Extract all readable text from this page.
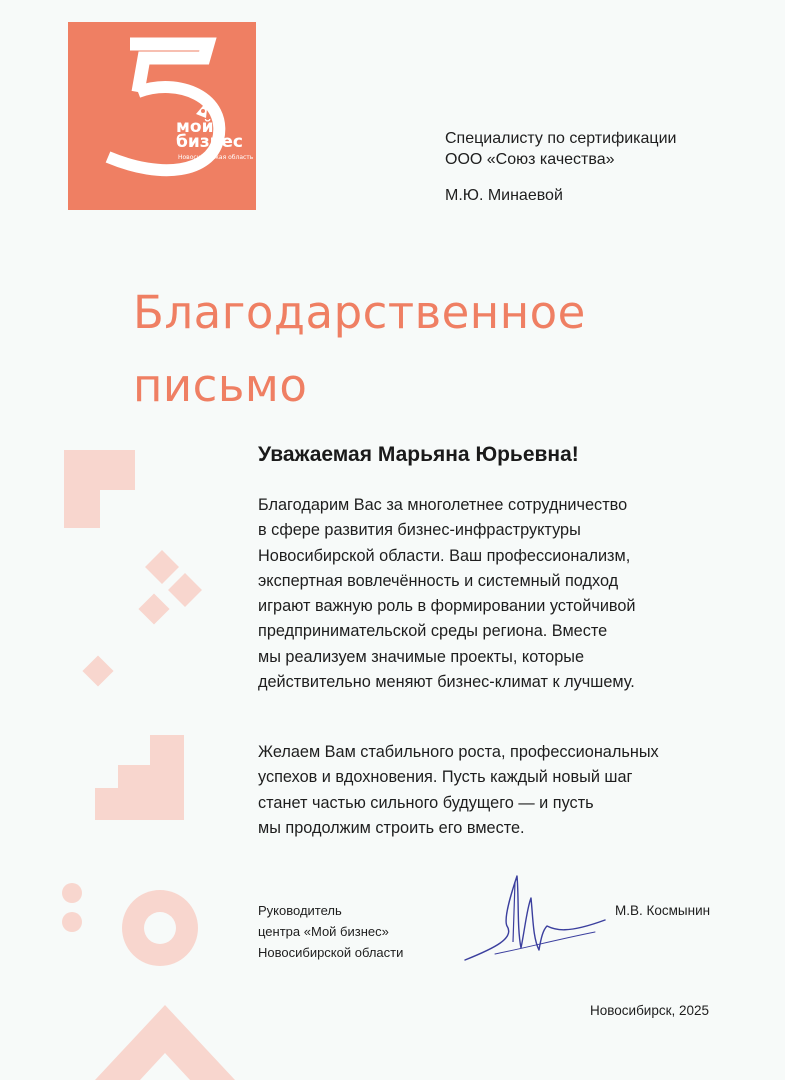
мой
бизнес
Новосибирская область
Специалисту по сертификации
ООО «Союз качества»
М.Ю. Минаевой
Благодарственное
письмо
Уважаемая Марьяна Юрьевна!
Благодарим Вас за многолетнее сотрудничество
в сфере развития бизнес-инфраструктуры
Новосибирской области. Ваш профессионализм,
экспертная вовлечённость и системный подход
играют важную роль в формировании устойчивой
предпринимательской среды региона. Вместе
мы реализуем значимые проекты, которые
действительно меняют бизнес-климат к лучшему.
Желаем Вам стабильного роста, профессиональных
успехов и вдохновения. Пусть каждый новый шаг
станет частью сильного будущего — и пусть
мы продолжим строить его вместе.
Руководитель
центра «Мой бизнес»
Новосибирской области
М.В. Космынин
Новосибирск, 2025
